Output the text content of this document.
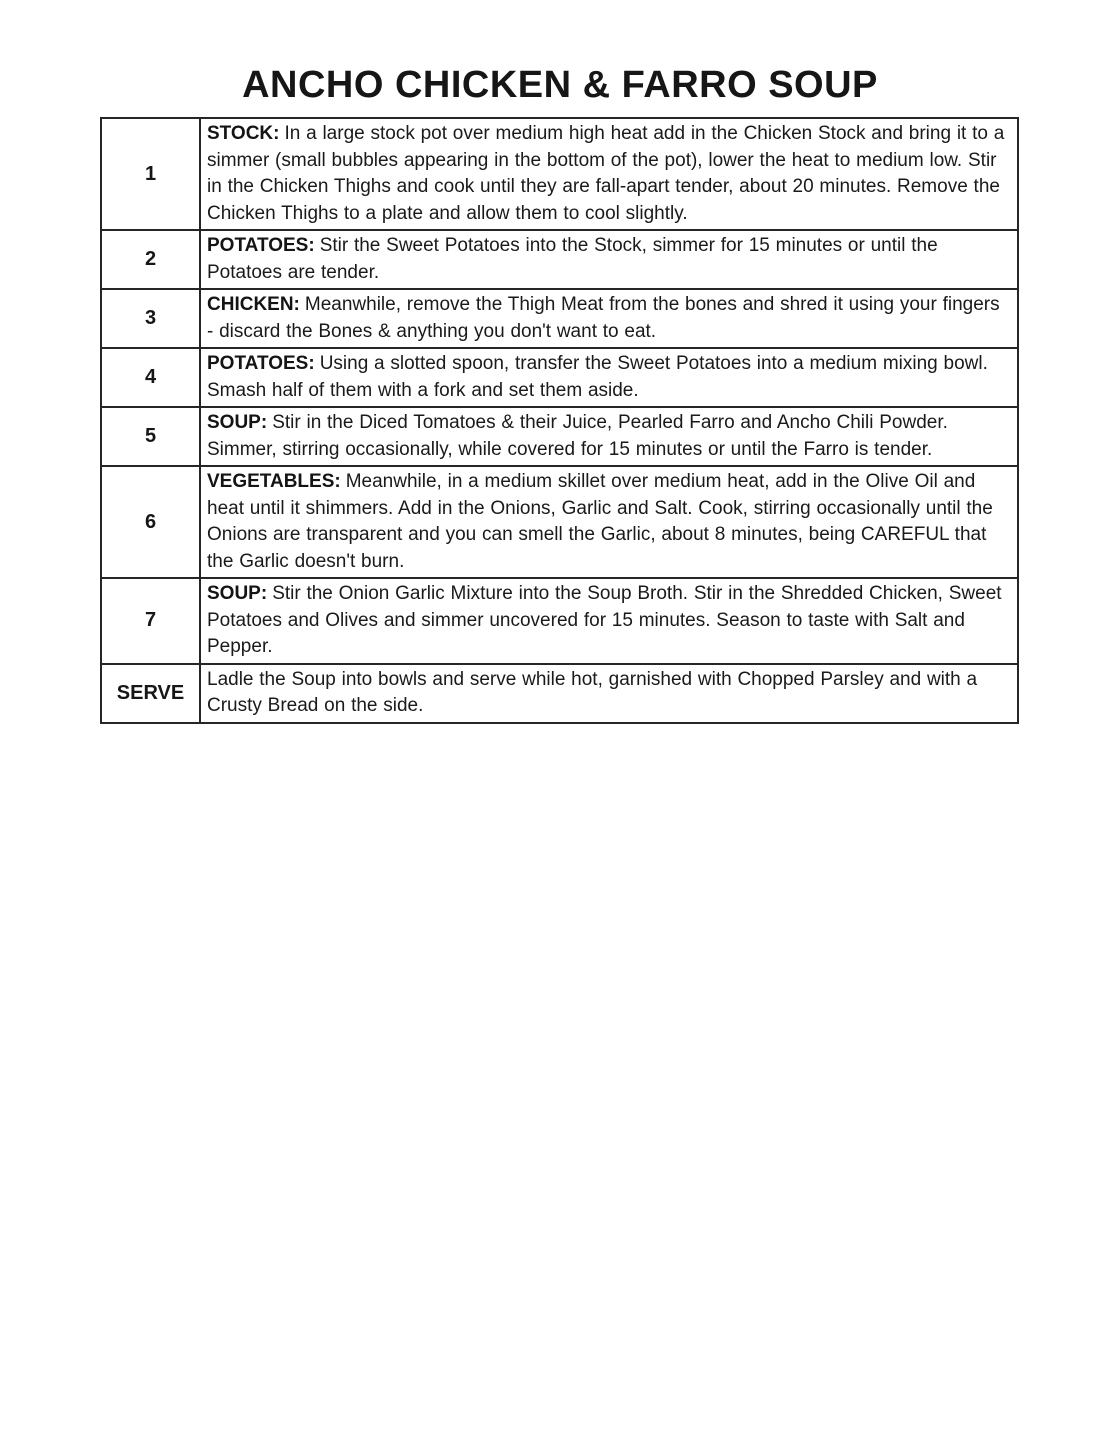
ANCHO CHICKEN & FARRO SOUP
1	STOCK: In a large stock pot over medium high heat add in the Chicken Stock and bring it to a simmer (small bubbles appearing in the bottom of the pot), lower the heat to medium low. Stir in the Chicken Thighs and cook until they are fall-apart tender, about 20 minutes. Remove the Chicken Thighs to a plate and allow them to cool slightly.
2	POTATOES: Stir the Sweet Potatoes into the Stock, simmer for 15 minutes or until the Potatoes are tender.
3	CHICKEN: Meanwhile, remove the Thigh Meat from the bones and shred it using your fingers - discard the Bones & anything you don't want to eat.
4	POTATOES: Using a slotted spoon, transfer the Sweet Potatoes into a medium mixing bowl. Smash half of them with a fork and set them aside.
5	SOUP: Stir in the Diced Tomatoes & their Juice, Pearled Farro and Ancho Chili Powder. Simmer, stirring occasionally, while covered for 15 minutes or until the Farro is tender.
6	VEGETABLES: Meanwhile, in a medium skillet over medium heat, add in the Olive Oil and heat until it shimmers. Add in the Onions, Garlic and Salt. Cook, stirring occasionally until the Onions are transparent and you can smell the Garlic, about 8 minutes, being CAREFUL that the Garlic doesn't burn.
7	SOUP: Stir the Onion Garlic Mixture into the Soup Broth. Stir in the Shredded Chicken, Sweet Potatoes and Olives and simmer uncovered for 15 minutes. Season to taste with Salt and Pepper.
SERVE	Ladle the Soup into bowls and serve while hot, garnished with Chopped Parsley and with a Crusty Bread on the side.
